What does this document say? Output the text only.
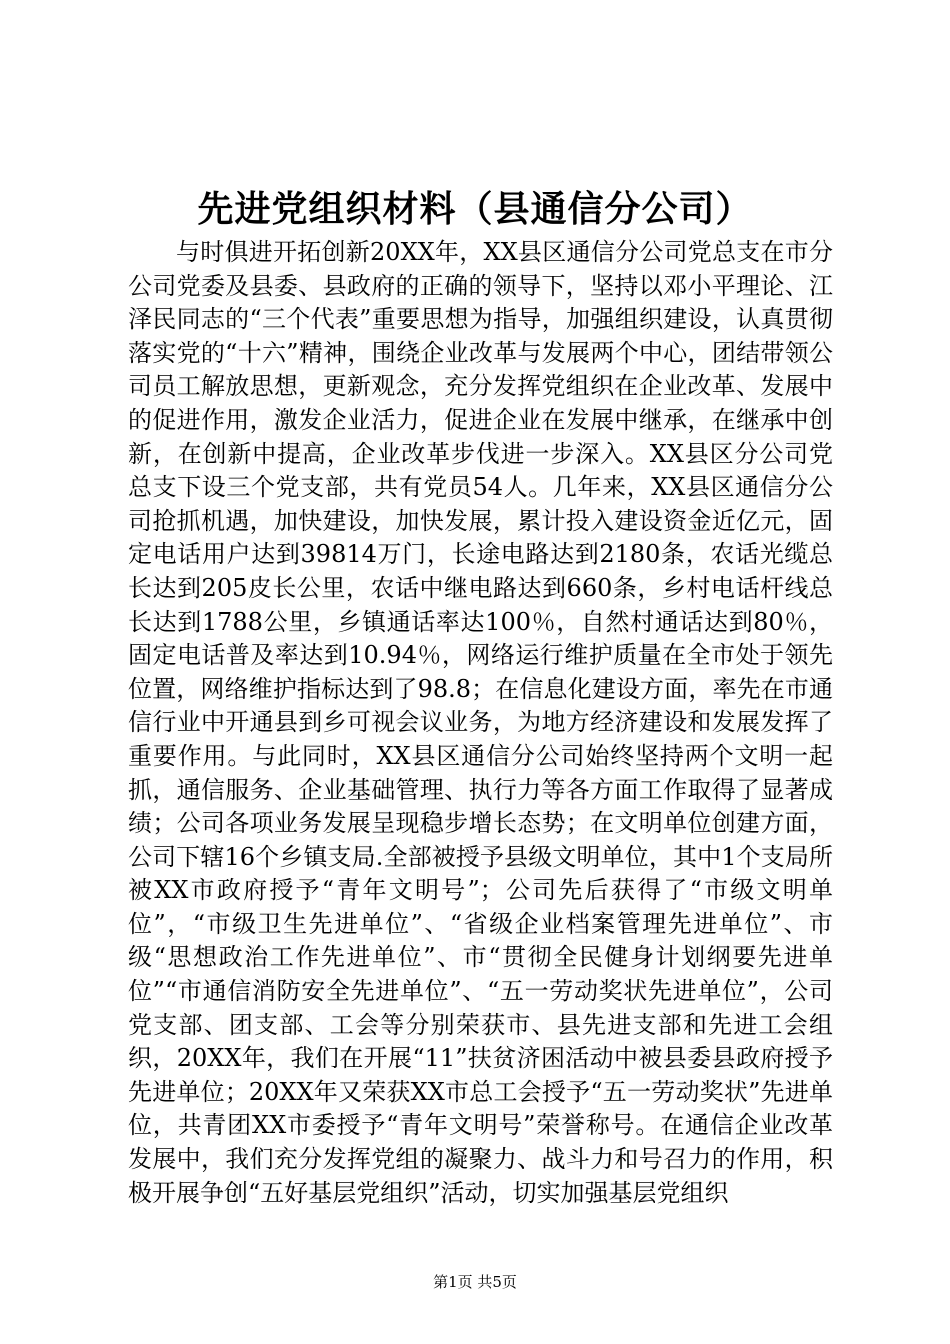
先进党组织材料（县通信分公司）

与时俱进开拓创新20XX年，XX县区通信分公司党总支在市分公司党委及县委、县政府的正确的领导下，坚持以邓小平理论、江泽民同志的“三个代表”重要思想为指导，加强组织建设，认真贯彻落实党的“十六”精神，围绕企业改革与发展两个中心，团结带领公司员工解放思想，更新观念，充分发挥党组织在企业改革、发展中的促进作用，激发企业活力，促进企业在发展中继承，在继承中创新，在创新中提高，企业改革步伐进一步深入。XX县区分公司党总支下设三个党支部，共有党员54人。几年来，XX县区通信分公司抢抓机遇，加快建设，加快发展，累计投入建设资金近亿元，固定电话用户达到39814万门，长途电路达到2180条，农话光缆总长达到205皮长公里，农话中继电路达到660条，乡村电话杆线总长达到1788公里，乡镇通话率达100％，自然村通话达到80％，固定电话普及率达到10.94％，网络运行维护质量在全市处于领先位置，网络维护指标达到了98.8；在信息化建设方面，率先在市通信行业中开通县到乡可视会议业务，为地方经济建设和发展发挥了重要作用。与此同时，XX县区通信分公司始终坚持两个文明一起抓，通信服务、企业基础管理、执行力等各方面工作取得了显著成绩；公司各项业务发展呈现稳步增长态势；在文明单位创建方面，公司下辖16个乡镇支局.全部被授予县级文明单位，其中1个支局所被XX市政府授予“青年文明号”；公司先后获得了“市级文明单位”，“市级卫生先进单位”、“省级企业档案管理先进单位”、市级“思想政治工作先进单位”、市“贯彻全民健身计划纲要先进单位”“市通信消防安全先进单位”、“五一劳动奖状先进单位”，公司党支部、团支部、工会等分别荣获市、县先进支部和先进工会组织，20XX年，我们在开展“11”扶贫济困活动中被县委县政府授予先进单位；20XX年又荣获XX市总工会授予“五一劳动奖状”先进单位，共青团XX市委授予“青年文明号”荣誉称号。在通信企业改革发展中，我们充分发挥党组的凝聚力、战斗力和号召力的作用，积极开展争创“五好基层党组织”活动，切实加强基层党组织

第1页 共5页
